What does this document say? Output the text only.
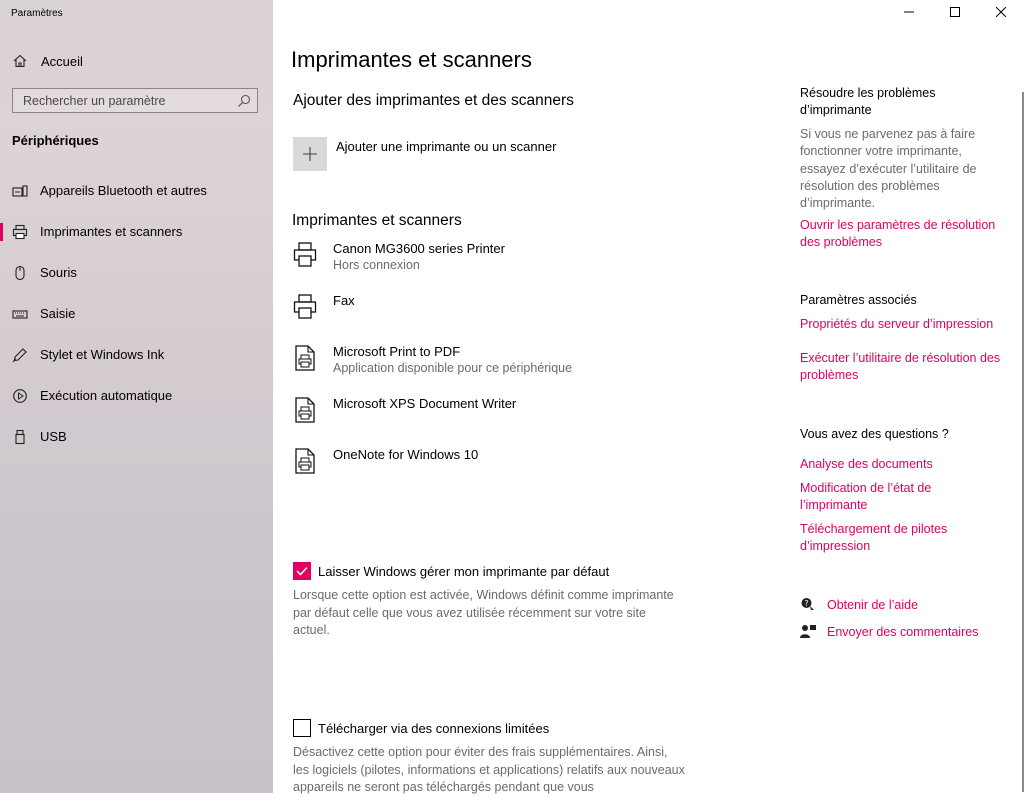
Paramètres
Accueil
Rechercher un paramètre
Périphériques
Appareils Bluetooth et autres
Imprimantes et scanners
Souris
Saisie
Stylet et Windows Ink
Exécution automatique
USB
Imprimantes et scanners
Ajouter des imprimantes et des scanners
Ajouter une imprimante ou un scanner
Imprimantes et scanners
Canon MG3600 series Printer
Hors connexion
Fax
Microsoft Print to PDF
Application disponible pour ce périphérique
Microsoft XPS Document Writer
OneNote for Windows 10
Laisser Windows gérer mon imprimante par défaut
Lorsque cette option est activée, Windows définit comme imprimante par défaut celle que vous avez utilisée récemment sur votre site actuel.
Télécharger via des connexions limitées
Désactivez cette option pour éviter des frais supplémentaires. Ainsi, les logiciels (pilotes, informations et applications) relatifs aux nouveaux appareils ne seront pas téléchargés pendant que vous
Résoudre les problèmes d’imprimante
Si vous ne parvenez pas à faire fonctionner votre imprimante, essayez d’exécuter l’utilitaire de résolution des problèmes d’imprimante.
Ouvrir les paramètres de résolution des problèmes
Paramètres associés
Propriétés du serveur d’impression
Exécuter l’utilitaire de résolution des problèmes
Vous avez des questions ?
Analyse des documents
Modification de l’état de l’imprimante
Téléchargement de pilotes d’impression
? Obtenir de l’aide
Envoyer des commentaires
